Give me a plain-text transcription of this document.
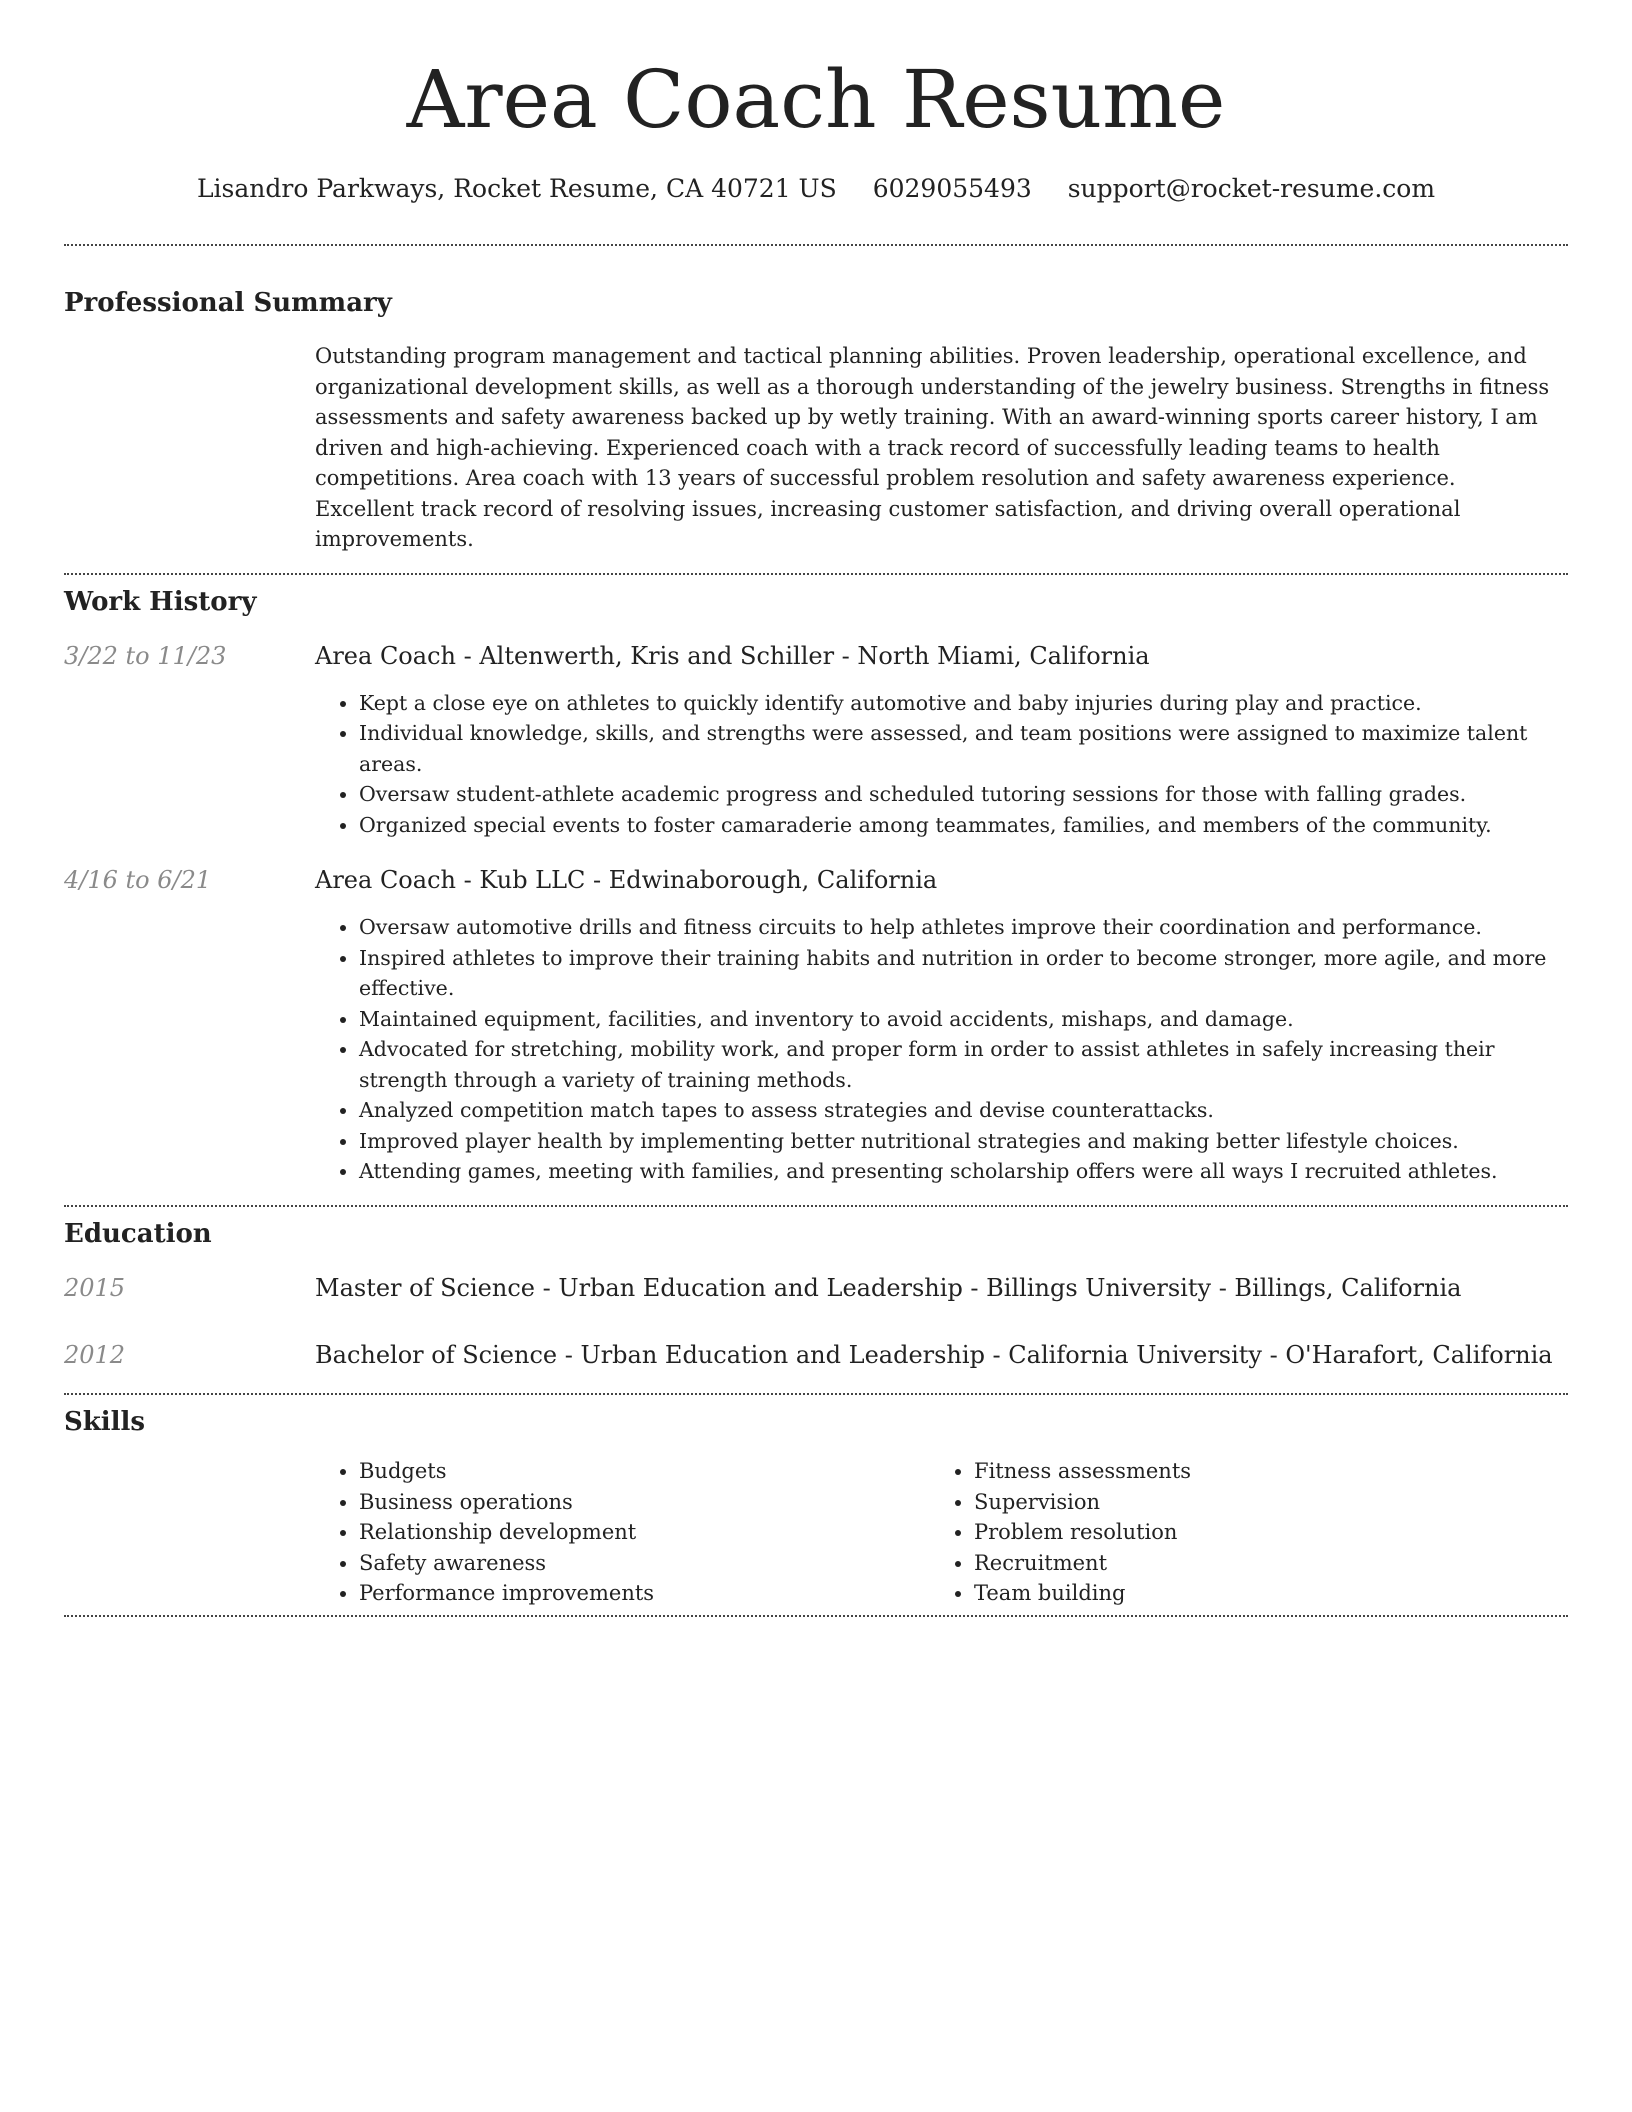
Area Coach Resume
Lisandro Parkways, Rocket Resume, CA 40721 US 6029055493 support@rocket-resume.com
Professional Summary
Outstanding program management and tactical planning abilities. Proven leadership, operational excellence, and organizational development skills, as well as a thorough understanding of the jewelry business. Strengths in fitness assessments and safety awareness backed up by wetly training. With an award-winning sports career history, I am driven and high-achieving. Experienced coach with a track record of successfully leading teams to health competitions. Area coach with 13 years of successful problem resolution and safety awareness experience. Excellent track record of resolving issues, increasing customer satisfaction, and driving overall operational improvements.
Work History
3/22 to 11/23	Area Coach - Altenwerth, Kris and Schiller - North Miami, California
• Kept a close eye on athletes to quickly identify automotive and baby injuries during play and practice.
• Individual knowledge, skills, and strengths were assessed, and team positions were assigned to maximize talent areas.
• Oversaw student-athlete academic progress and scheduled tutoring sessions for those with falling grades.
• Organized special events to foster camaraderie among teammates, families, and members of the community.
4/16 to 6/21	Area Coach - Kub LLC - Edwinaborough, California
• Oversaw automotive drills and fitness circuits to help athletes improve their coordination and performance.
• Inspired athletes to improve their training habits and nutrition in order to become stronger, more agile, and more effective.
• Maintained equipment, facilities, and inventory to avoid accidents, mishaps, and damage.
• Advocated for stretching, mobility work, and proper form in order to assist athletes in safely increasing their strength through a variety of training methods.
• Analyzed competition match tapes to assess strategies and devise counterattacks.
• Improved player health by implementing better nutritional strategies and making better lifestyle choices.
• Attending games, meeting with families, and presenting scholarship offers were all ways I recruited athletes.
Education
2015	Master of Science - Urban Education and Leadership - Billings University - Billings, California
2012	Bachelor of Science - Urban Education and Leadership - California University - O'Harafort, California
Skills
• Budgets
• Business operations
• Relationship development
• Safety awareness
• Performance improvements
• Fitness assessments
• Supervision
• Problem resolution
• Recruitment
• Team building
